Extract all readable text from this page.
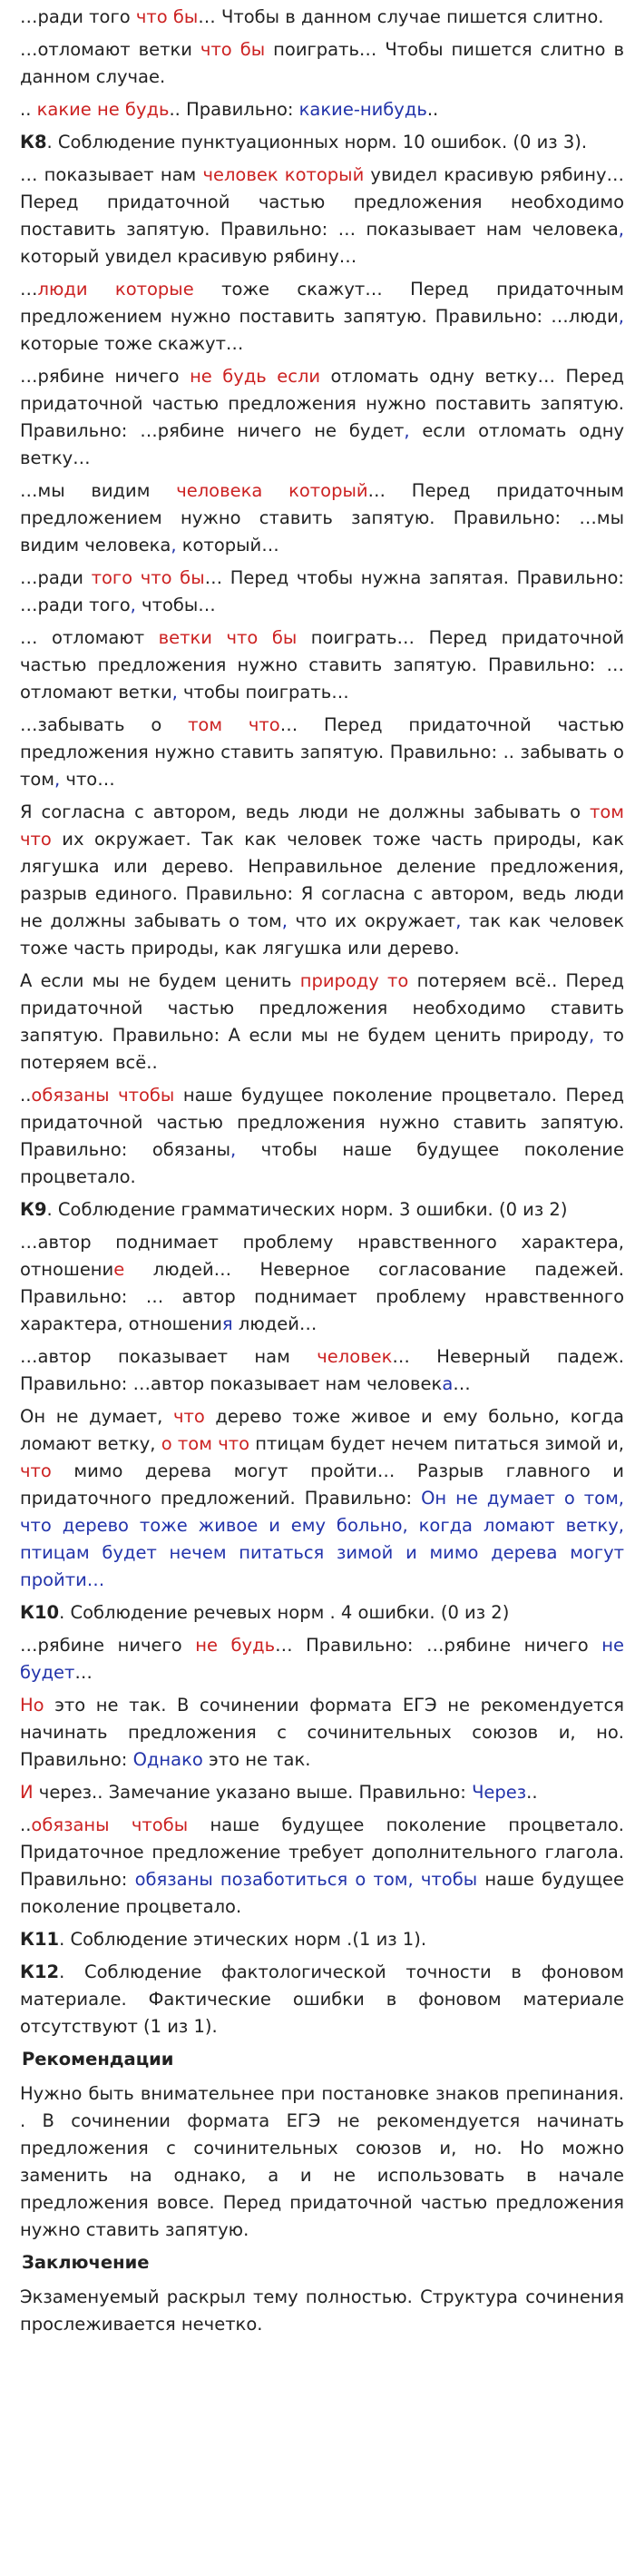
…ради того что бы… Чтобы в данном случае пишется слитно.

…отломают ветки что бы поиграть… Чтобы пишется слитно в данном случае.

.. какие не будь.. Правильно: какие-нибудь..

К8. Соблюдение пунктуационных норм. 10 ошибок. (0 из 3).

… показывает нам человек который увидел красивую рябину… Перед придаточной частью предложения необходимо поставить запятую. Правильно: … показывает нам человека, который увидел красивую рябину…

…люди которые тоже скажут… Перед придаточным предложением нужно поставить запятую. Правильно: …люди, которые тоже скажут…

…рябине ничего не будь если отломать одну ветку… Перед придаточной частью предложения нужно поставить запятую. Правильно: …рябине ничего не будет, если отломать одну ветку…

…мы видим человека который… Перед придаточным предложением нужно ставить запятую. Правильно: …мы видим человека, который…

…ради того что бы… Перед чтобы нужна запятая. Правильно: …ради того, чтобы…

… отломают ветки что бы поиграть… Перед придаточной частью предложения нужно ставить запятую. Правильно: … отломают ветки, чтобы поиграть…

…забывать о том что… Перед придаточной частью предложения нужно ставить запятую. Правильно: .. забывать о том, что…

Я согласна с автором, ведь люди не должны забывать о том что их окружает. Так как человек тоже часть природы, как лягушка или дерево. Неправильное деление предложения, разрыв единого. Правильно: Я согласна с автором, ведь люди не должны забывать о том, что их окружает, так как человек тоже часть природы, как лягушка или дерево.

А если мы не будем ценить природу то потеряем всё.. Перед придаточной частью предложения необходимо ставить запятую. Правильно: А если мы не будем ценить природу, то потеряем всё..

..обязаны чтобы наше будущее поколение процветало. Перед придаточной частью предложения нужно ставить запятую. Правильно: обязаны, чтобы наше будущее поколение процветало.

К9. Соблюдение грамматических норм. 3 ошибки. (0 из 2)

…автор поднимает проблему нравственного характера, отношение людей… Неверное согласование падежей. Правильно: … автор поднимает проблему нравственного характера, отношения людей…

…автор показывает нам человек… Неверный падеж. Правильно: …автор показывает нам человека…

Он не думает, что дерево тоже живое и ему больно, когда ломают ветку, о том что птицам будет нечем питаться зимой и, что мимо дерева могут пройти… Разрыв главного и придаточного предложений. Правильно: Он не думает о том, что дерево тоже живое и ему больно, когда ломают ветку, птицам будет нечем питаться зимой и мимо дерева могут пройти…

К10. Соблюдение речевых норм . 4 ошибки. (0 из 2)

…рябине ничего не будь… Правильно: …рябине ничего не будет…

Но это не так. В сочинении формата ЕГЭ не рекомендуется начинать предложения с сочинительных союзов и, но. Правильно: Однако это не так.

И через.. Замечание указано выше. Правильно: Через..

..обязаны чтобы наше будущее поколение процветало. Придаточное предложение требует дополнительного глагола. Правильно: обязаны позаботиться о том, чтобы наше будущее поколение процветало.

К11. Соблюдение этических норм .(1 из 1).

К12. Соблюдение фактологической точности в фоновом материале. Фактические ошибки в фоновом материале отсутствуют (1 из 1).

Рекомендации

Нужно быть внимательнее при постановке знаков препинания. . В сочинении формата ЕГЭ не рекомендуется начинать предложения с сочинительных союзов и, но. Но можно заменить на однако, а и не использовать в начале предложения вовсе. Перед придаточной частью предложения нужно ставить запятую.

Заключение

Экзаменуемый раскрыл тему полностью. Структура сочинения прослеживается нечетко.
